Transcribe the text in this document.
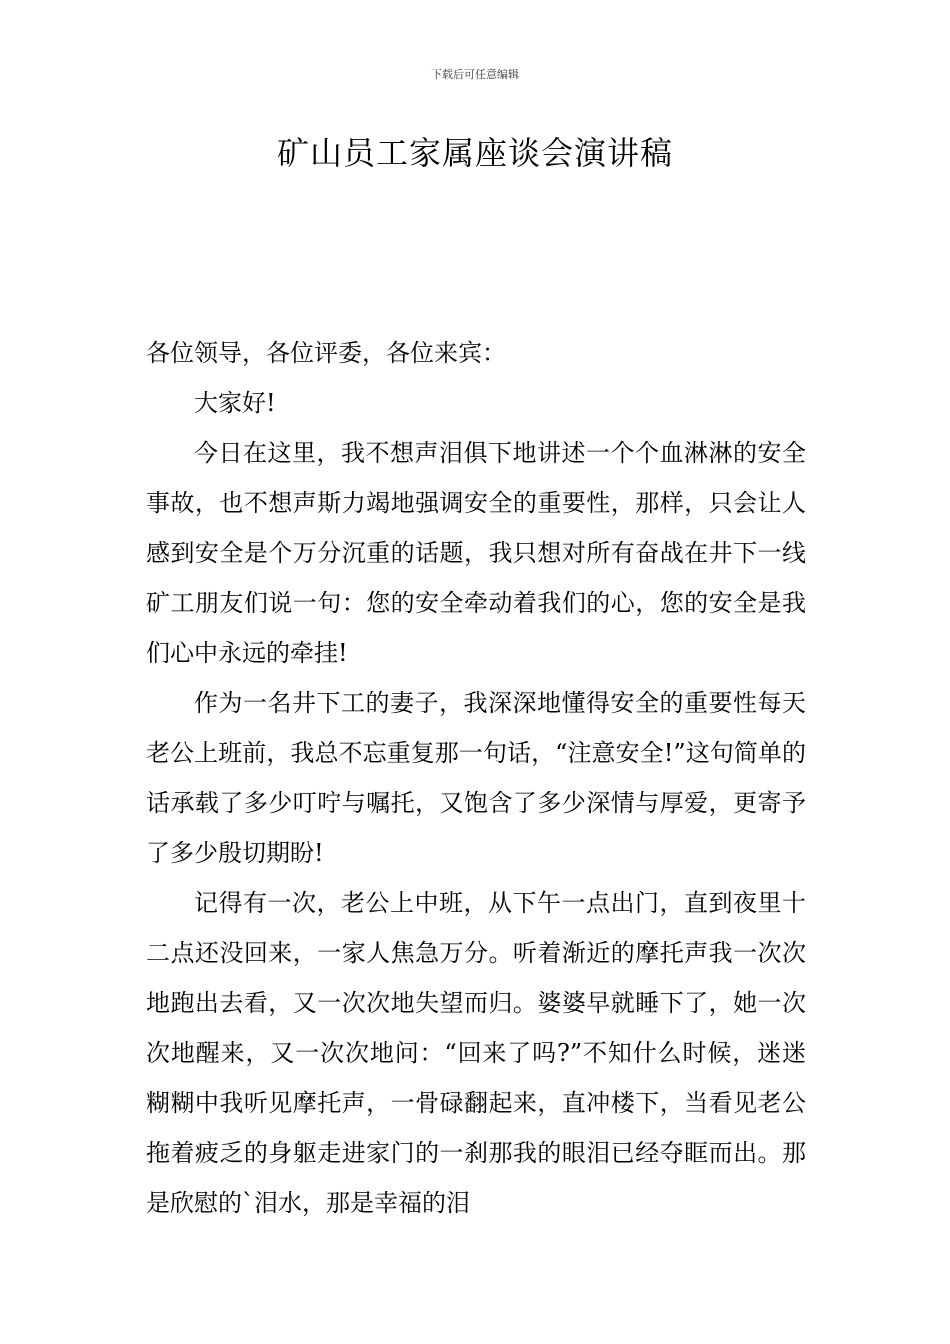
下载后可任意编辑
矿山员工家属座谈会演讲稿

各位领导，各位评委，各位来宾：

大家好!

今日在这里，我不想声泪俱下地讲述一个个血淋淋的安全事故，也不想声斯力竭地强调安全的重要性，那样，只会让人感到安全是个万分沉重的话题，我只想对所有奋战在井下一线矿工朋友们说一句：您的安全牵动着我们的心，您的安全是我们心中永远的牵挂!

作为一名井下工的妻子，我深深地懂得安全的重要性每天老公上班前，我总不忘重复那一句话，“注意安全!”这句简单的话承载了多少叮咛与嘱托，又饱含了多少深情与厚爱，更寄予了多少殷切期盼!

记得有一次，老公上中班，从下午一点出门，直到夜里十二点还没回来，一家人焦急万分。听着渐近的摩托声我一次次地跑出去看，又一次次地失望而归。婆婆早就睡下了，她一次次地醒来，又一次次地问：“回来了吗?”不知什么时候，迷迷糊糊中我听见摩托声，一骨碌翻起来，直冲楼下，当看见老公拖着疲乏的身躯走进家门的一刹那我的眼泪已经夺眶而出。那是欣慰的`泪水，那是幸福的泪
